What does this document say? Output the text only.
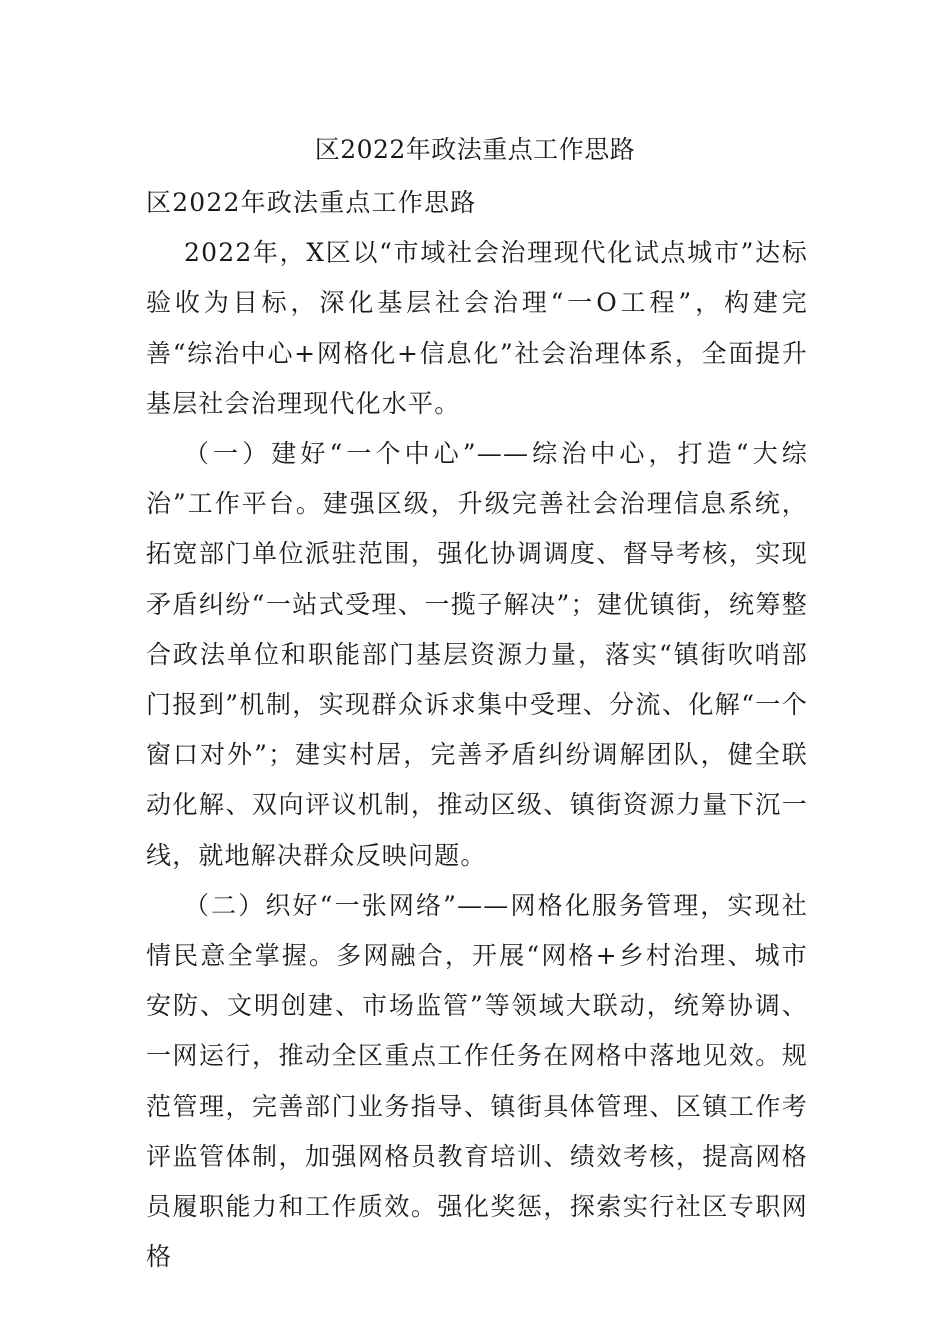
区2022年政法重点工作思路

区2022年政法重点工作思路

2022年，X区以“市域社会治理现代化试点城市”达标验收为目标，深化基层社会治理“一O工程”，构建完善“综治中心+网格化+信息化”社会治理体系，全面提升基层社会治理现代化水平。

（一）建好“一个中心”——综治中心，打造“大综治”工作平台。建强区级，升级完善社会治理信息系统，拓宽部门单位派驻范围，强化协调调度、督导考核，实现矛盾纠纷“一站式受理、一揽子解决”；建优镇街，统筹整合政法单位和职能部门基层资源力量，落实“镇街吹哨部门报到”机制，实现群众诉求集中受理、分流、化解“一个窗口对外”；建实村居，完善矛盾纠纷调解团队，健全联动化解、双向评议机制，推动区级、镇街资源力量下沉一线，就地解决群众反映问题。

（二）织好“一张网络”——网格化服务管理，实现社情民意全掌握。多网融合，开展“网格+乡村治理、城市安防、文明创建、市场监管”等领域大联动，统筹协调、一网运行，推动全区重点工作任务在网格中落地见效。规范管理，完善部门业务指导、镇街具体管理、区镇工作考评监管体制，加强网格员教育培训、绩效考核，提高网格员履职能力和工作质效。强化奖惩，探索实行社区专职网格
